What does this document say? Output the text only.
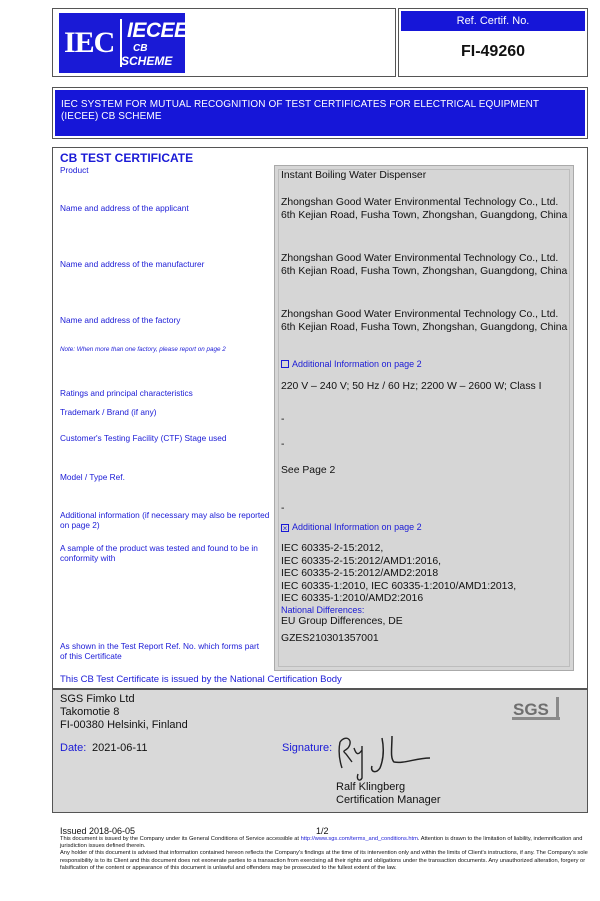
IEC IECEE
CB
SCHEME
Ref. Certif. No.
FI-49260
IEC SYSTEM FOR MUTUAL RECOGNITION OF TEST CERTIFICATES FOR ELECTRICAL EQUIPMENT (IECEE) CB SCHEME
CB TEST CERTIFICATE
Product
Name and address of the applicant
Name and address of the manufacturer
Name and address of the factory
Note: When more than one factory, please report on page 2
Ratings and principal characteristics
Trademark / Brand (if any)
Customer's Testing Facility (CTF) Stage used
Model / Type Ref.
Additional information (if necessary may also be reported on page 2)
A sample of the product was tested and found to be in conformity with
As shown in the Test Report Ref. No. which forms part of this Certificate
Instant Boiling Water Dispenser
Zhongshan Good Water Environmental Technology Co., Ltd.
6th Kejian Road, Fusha Town, Zhongshan, Guangdong, China
Zhongshan Good Water Environmental Technology Co., Ltd.
6th Kejian Road, Fusha Town, Zhongshan, Guangdong, China
Zhongshan Good Water Environmental Technology Co., Ltd.
6th Kejian Road, Fusha Town, Zhongshan, Guangdong, China
Additional Information on page 2
220 V – 240 V; 50 Hz / 60 Hz; 2200 W – 2600 W; Class I
-
-
See Page 2
-
× Additional Information on page 2
IEC 60335-2-15:2012,
IEC 60335-2-15:2012/AMD1:2016,
IEC 60335-2-15:2012/AMD2:2018
IEC 60335-1:2010, IEC 60335-1:2010/AMD1:2013,
IEC 60335-1:2010/AMD2:2016
National Differences:
EU Group Differences, DE
GZES210301357001
This CB Test Certificate is issued by the National Certification Body
SGS Fimko Ltd
Takomotie 8
FI-00380 Helsinki, Finland
SGS
Date: 2021-06-11	Signature:
Ralf Klingberg
Certification Manager
Issued 2018-06-05	1/2
This document is issued by the Company under its General Conditions of Service accessible at http://www.sgs.com/terms_and_conditions.htm. Attention is drawn to the limitation of liability, indemnification and jurisdiction issues defined therein.
Any holder of this document is advised that information contained hereon reflects the Company's findings at the time of its intervention only and within the limits of Client's instructions, if any. The Company's sole responsibility is to its Client and this document does not exonerate parties to a transaction from exercising all their rights and obligations under the transaction documents. Any unauthorized alteration, forgery or falsification of the content or appearance of this document is unlawful and offenders may be prosecuted to the fullest extent of the law.
